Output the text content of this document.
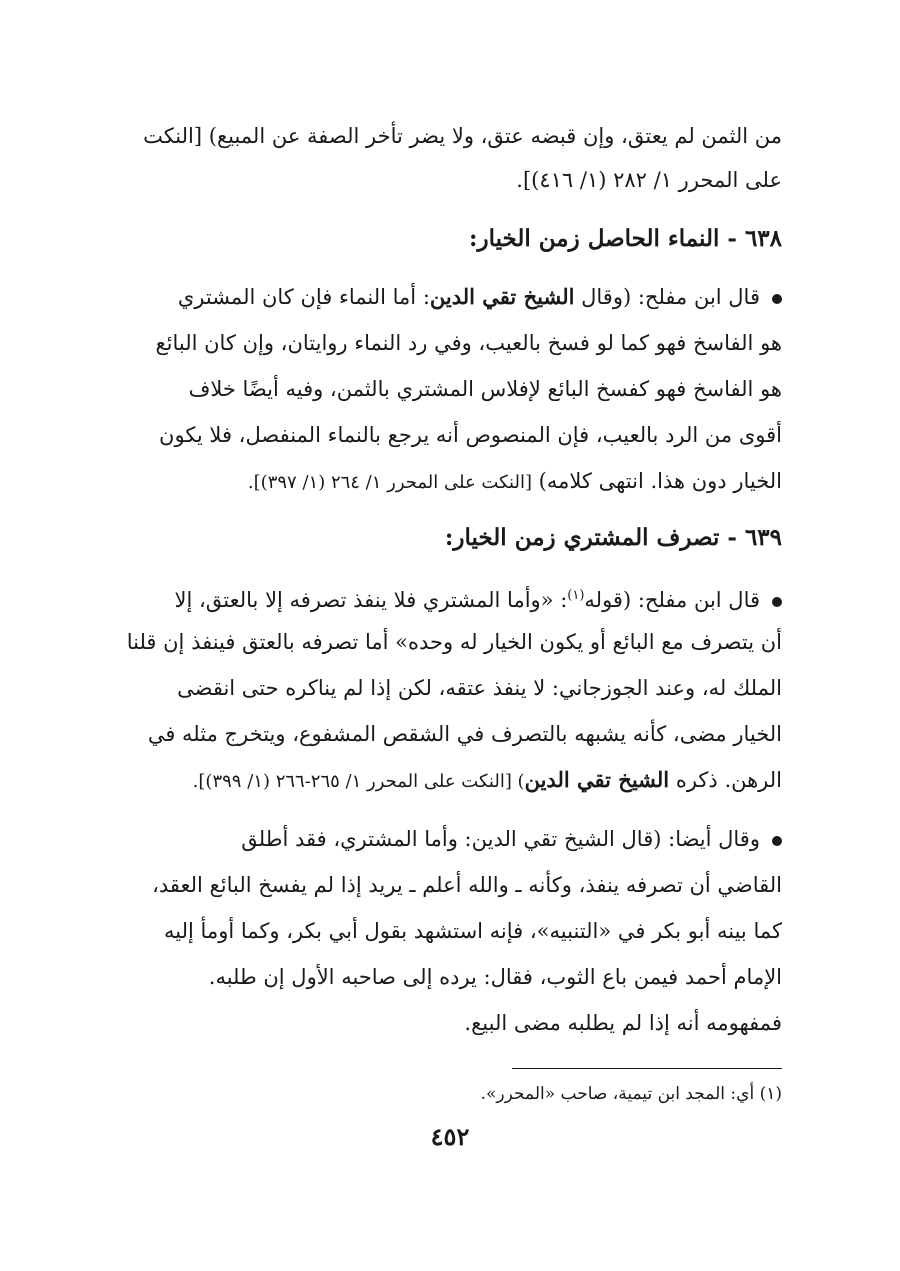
من الثمن لم يعتق، وإن قبضه عتق، ولا يضر تأخر الصفة عن المبيع) [النكت
على المحرر ١/ ٢٨٢ (١/ ٤١٦)].
٦٣٨ - النماء الحاصل زمن الخيار:
قال ابن مفلح: (وقال الشيخ تقي الدين: أما النماء فإن كان المشتري
هو الفاسخ فهو كما لو فسخ بالعيب، وفي رد النماء روايتان، وإن كان البائع
هو الفاسخ فهو كفسخ البائع لإفلاس المشتري بالثمن، وفيه أيضًا خلاف
أقوى من الرد بالعيب، فإن المنصوص أنه يرجع بالنماء المنفصل، فلا يكون
الخيار دون هذا. انتهى كلامه) [النكت على المحرر ١/ ٢٦٤ (١/ ٣٩٧)].
٦٣٩ - تصرف المشتري زمن الخيار:
قال ابن مفلح: (قوله$^{(١)}$: «وأما المشتري فلا ينفذ تصرفه إلا بالعتق، إلا
أن يتصرف مع البائع أو يكون الخيار له وحده» أما تصرفه بالعتق فينفذ إن قلنا
الملك له، وعند الجوزجاني: لا ينفذ عتقه، لكن إذا لم يناكره حتى انقضى
الخيار مضى، كأنه يشبهه بالتصرف في الشقص المشفوع، ويتخرج مثله في
الرهن. ذكره الشيخ تقي الدين) [النكت على المحرر ١/ ٢٦٥-٢٦٦ (١/ ٣٩٩)].
وقال أيضا: (قال الشيخ تقي الدين: وأما المشتري، فقد أطلق
القاضي أن تصرفه ينفذ، وكأنه ـ والله أعلم ـ يريد إذا لم يفسخ البائع العقد،
كما بينه أبو بكر في «التنبيه»، فإنه استشهد بقول أبي بكر، وكما أومأ إليه
الإمام أحمد فيمن باع الثوب، فقال: يرده إلى صاحبه الأول إن طلبه.
فمفهومه أنه إذا لم يطلبه مضى البيع.
(١) أي: المجد ابن تيمية، صاحب «المحرر».
٤٥٢
